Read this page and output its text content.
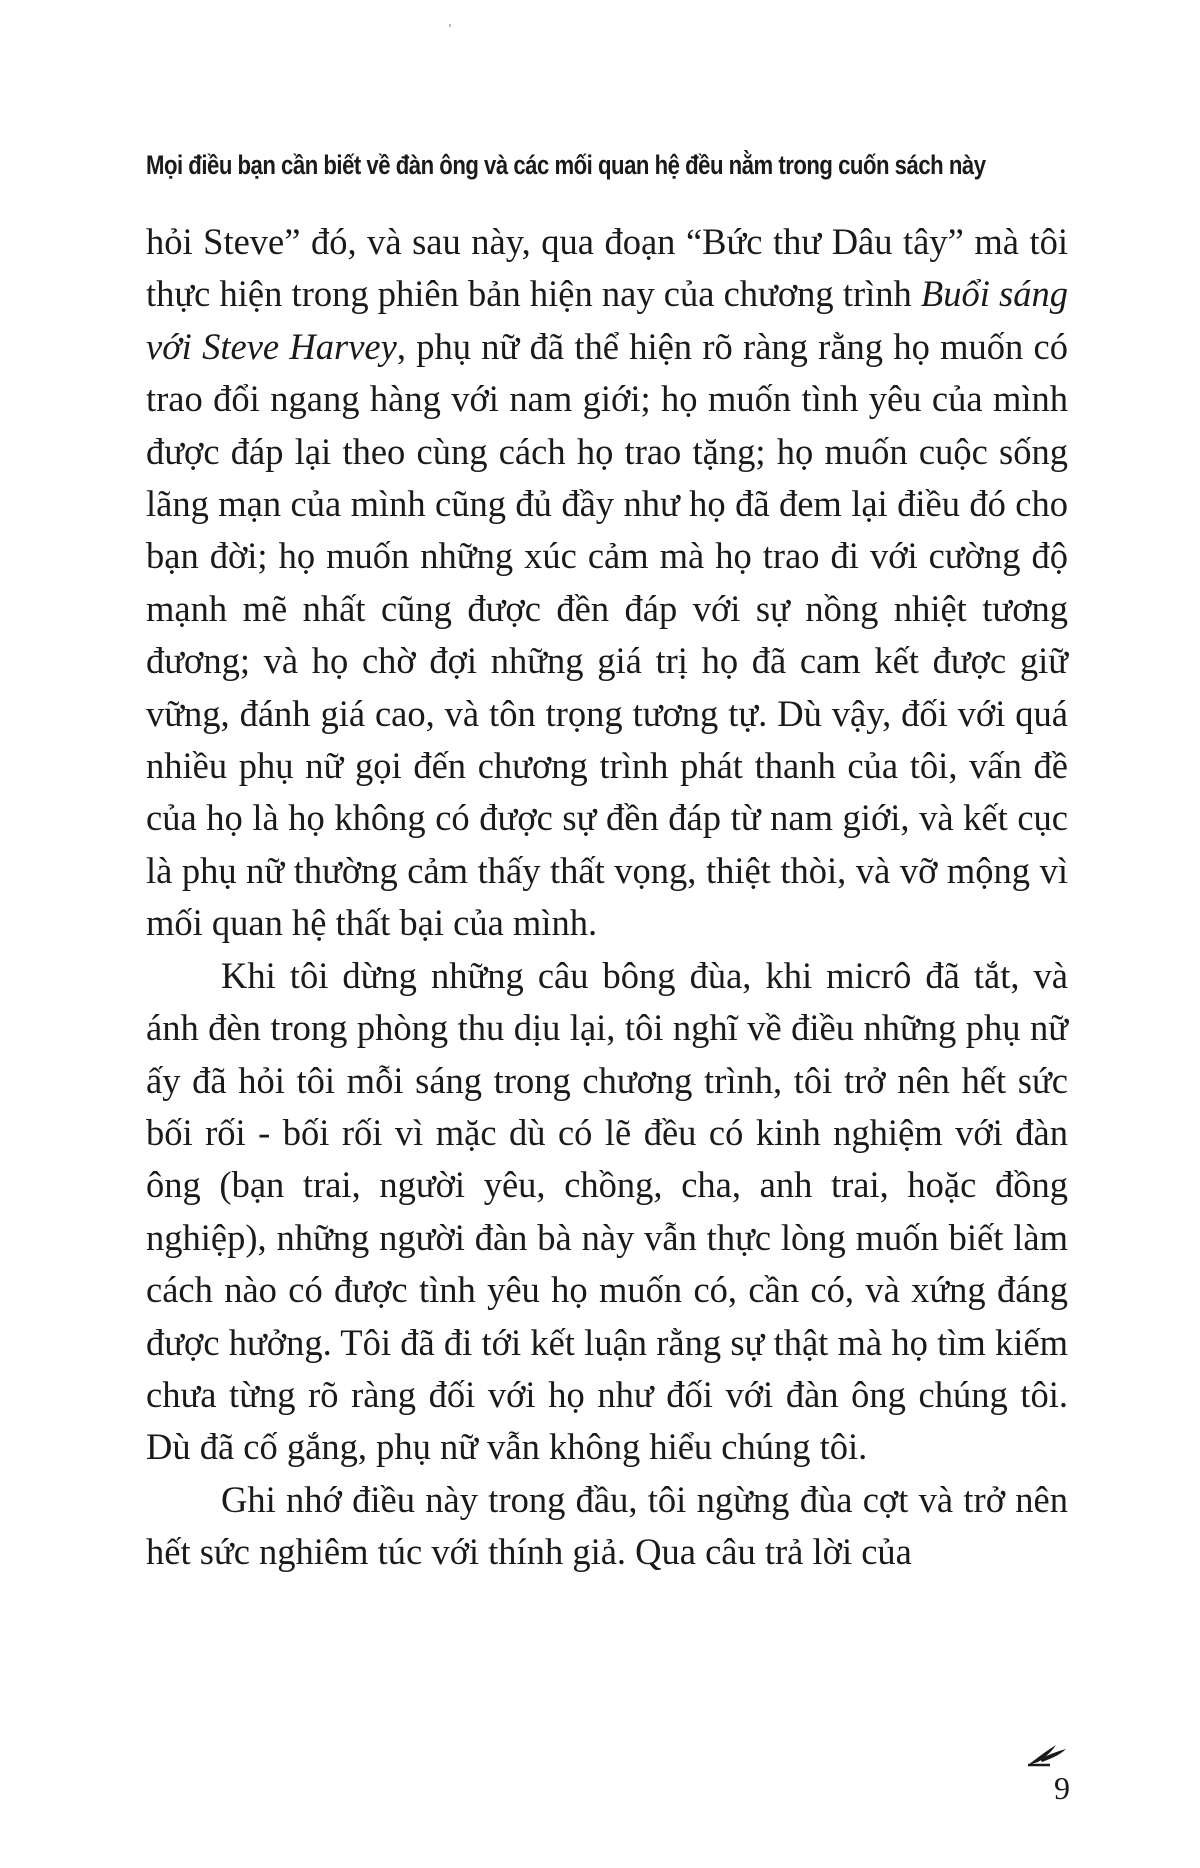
Mọi điều bạn cần biết về đàn ông và các mối quan hệ đều nằm trong cuốn sách này

hỏi Steve” đó, và sau này, qua đoạn “Bức thư Dâu tây” mà tôi thực hiện trong phiên bản hiện nay của chương trình Buổi sáng với Steve Harvey, phụ nữ đã thể hiện rõ ràng rằng họ muốn có trao đổi ngang hàng với nam giới; họ muốn tình yêu của mình được đáp lại theo cùng cách họ trao tặng; họ muốn cuộc sống lãng mạn của mình cũng đủ đầy như họ đã đem lại điều đó cho bạn đời; họ muốn những xúc cảm mà họ trao đi với cường độ mạnh mẽ nhất cũng được đền đáp với sự nồng nhiệt tương đương; và họ chờ đợi những giá trị họ đã cam kết được giữ vững, đánh giá cao, và tôn trọng tương tự. Dù vậy, đối với quá nhiều phụ nữ gọi đến chương trình phát thanh của tôi, vấn đề của họ là họ không có được sự đền đáp từ nam giới, và kết cục là phụ nữ thường cảm thấy thất vọng, thiệt thòi, và vỡ mộng vì mối quan hệ thất bại của mình.

Khi tôi dừng những câu bông đùa, khi micrô đã tắt, và ánh đèn trong phòng thu dịu lại, tôi nghĩ về điều những phụ nữ ấy đã hỏi tôi mỗi sáng trong chương trình, tôi trở nên hết sức bối rối - bối rối vì mặc dù có lẽ đều có kinh nghiệm với đàn ông (bạn trai, người yêu, chồng, cha, anh trai, hoặc đồng nghiệp), những người đàn bà này vẫn thực lòng muốn biết làm cách nào có được tình yêu họ muốn có, cần có, và xứng đáng được hưởng. Tôi đã đi tới kết luận rằng sự thật mà họ tìm kiếm chưa từng rõ ràng đối với họ như đối với đàn ông chúng tôi. Dù đã cố gắng, phụ nữ vẫn không hiểu chúng tôi.

Ghi nhớ điều này trong đầu, tôi ngừng đùa cợt và trở nên hết sức nghiêm túc với thính giả. Qua câu trả lời của

9
